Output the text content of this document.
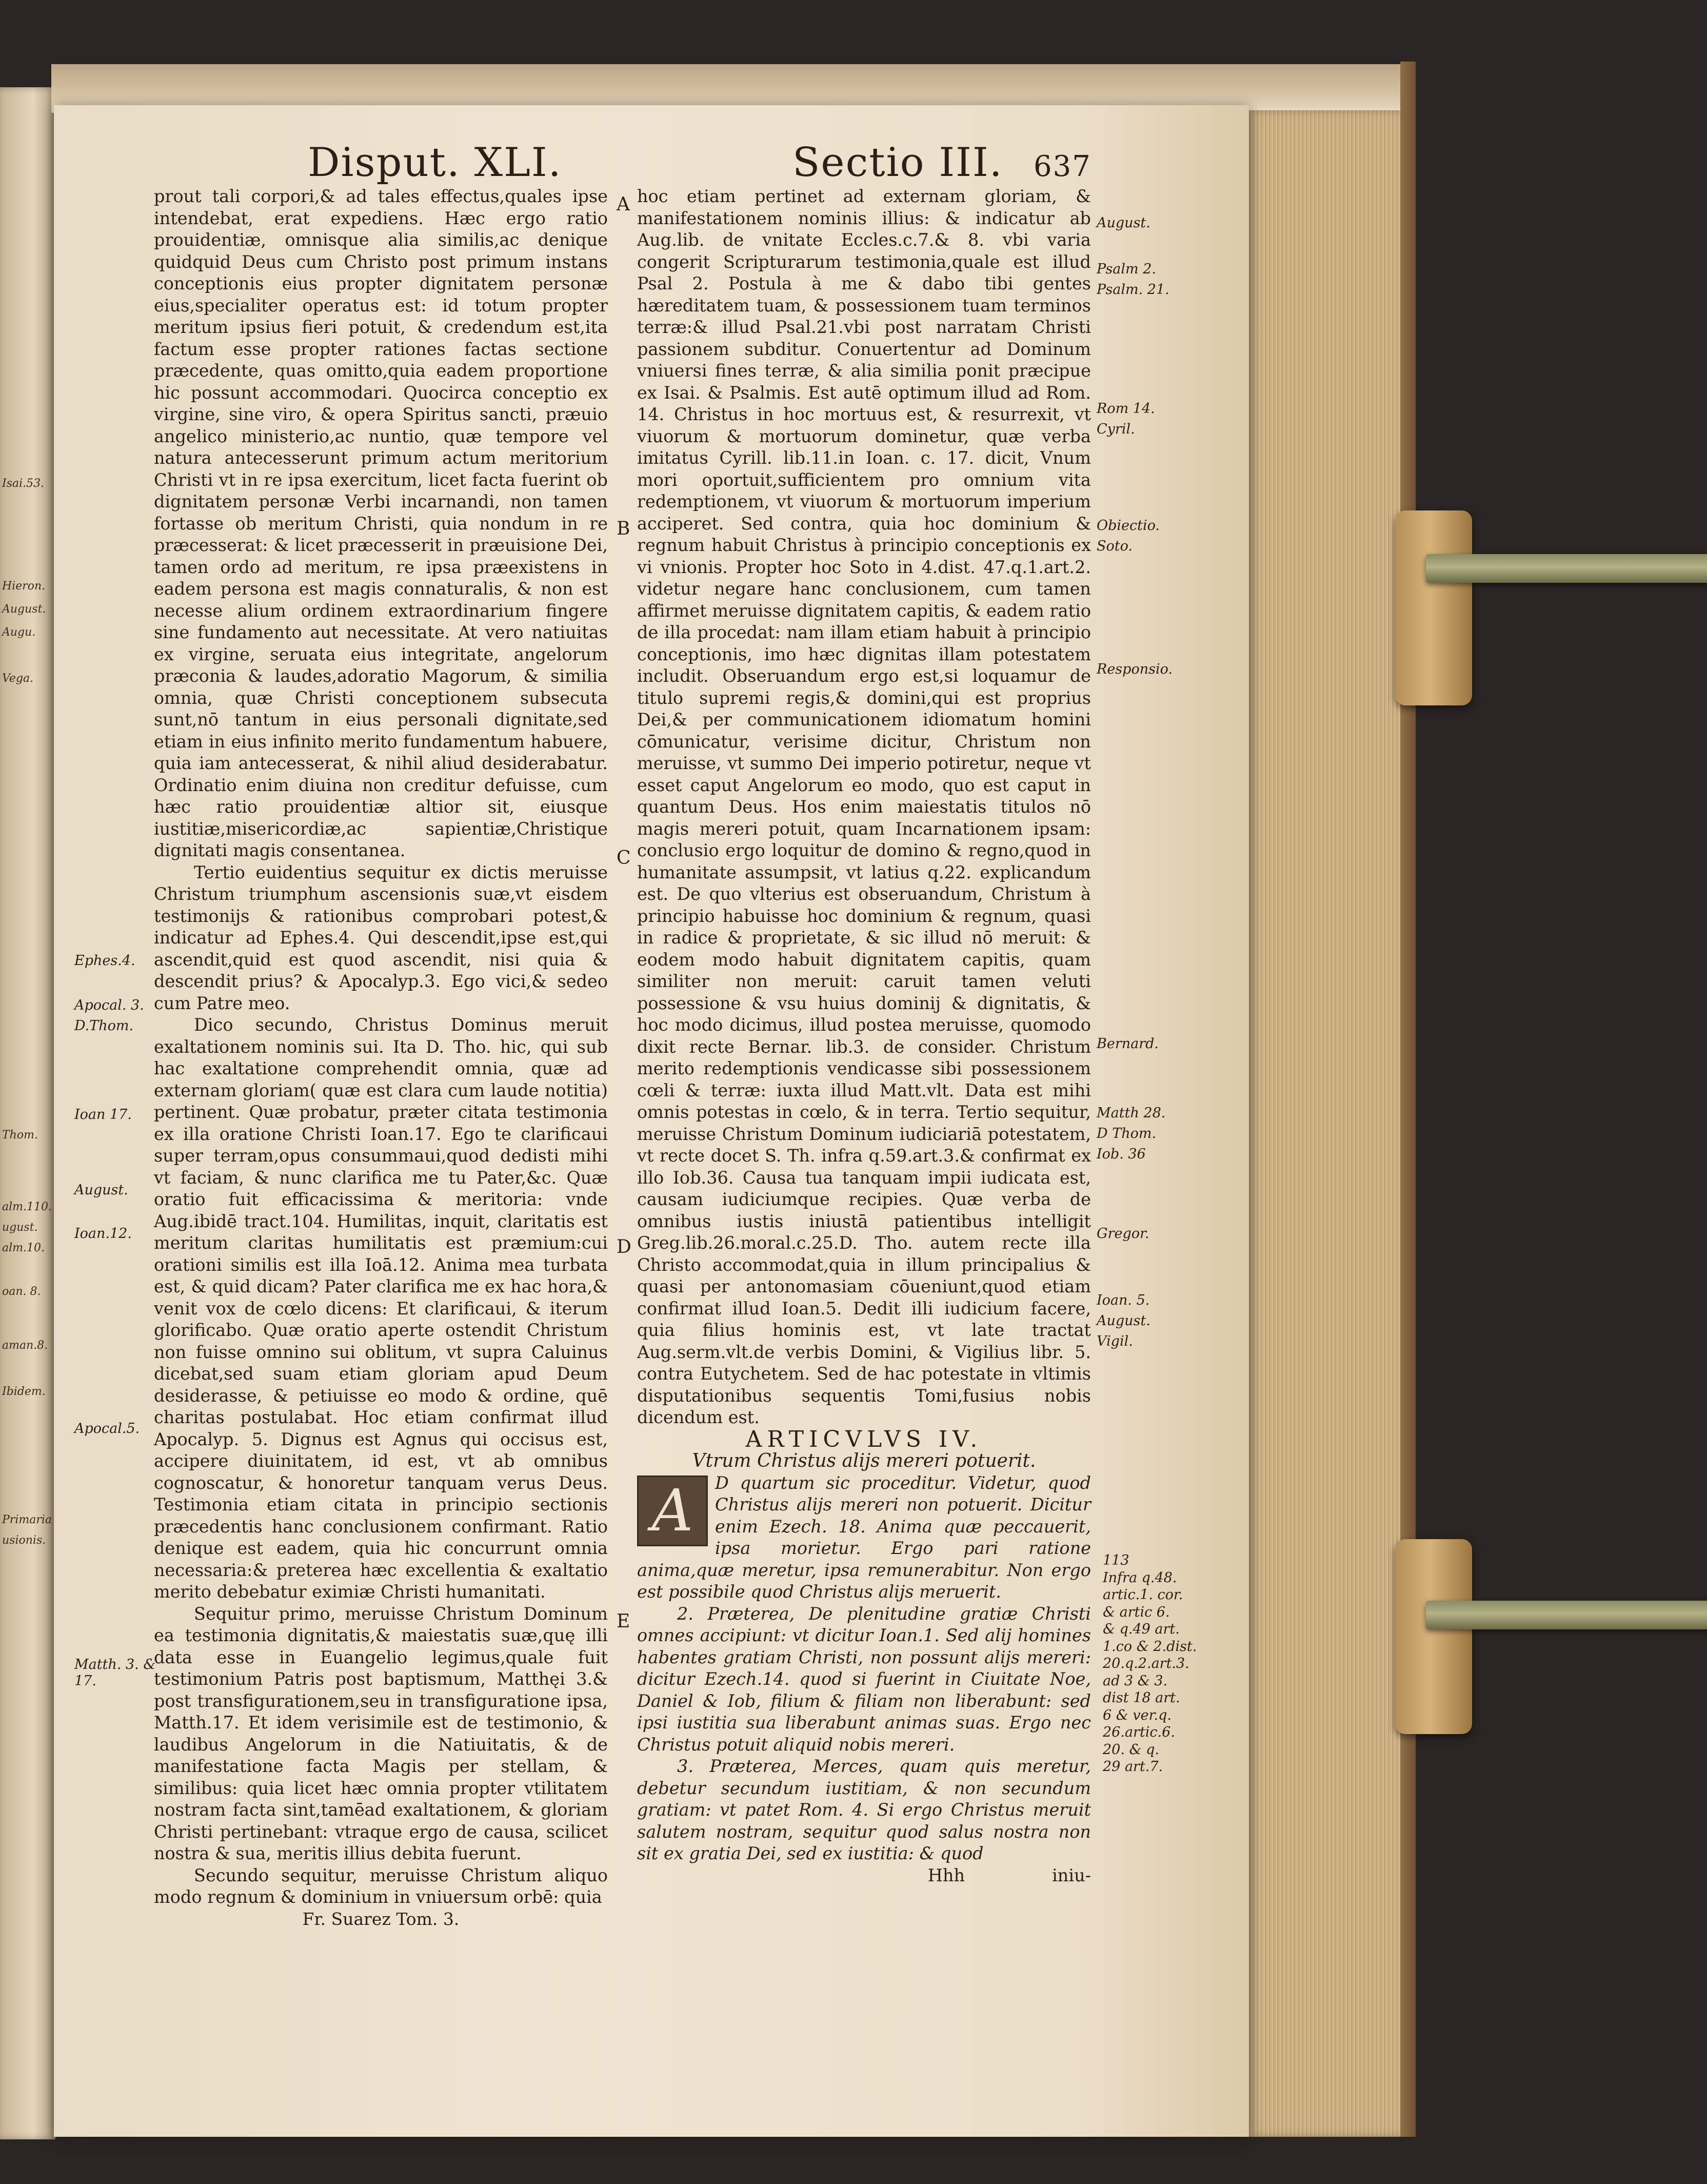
Isai.53.
Hieron.
August.
Augu.
Vega.
Thom.
alm.110.
ugust.
alm.10.
oan. 8.
aman.8.
Ibidem.
Primaria
usionis.
Disput. XLI.	Sectio III. 637

prout tali corpori,& ad tales effectus,quales ipse intendebat, erat expediens. Hæc ergo ratio prouidentiæ, omnisque alia similis,ac denique quidquid Deus cum Christo post primum instans conceptionis eius propter dignitatem personæ eius,specialiter operatus est: id totum propter meritum ipsius fieri potuit, & credendum est,ita factum esse propter rationes factas sectione præcedente, quas omitto,quia eadem proportione hic possunt accommodari. Quocirca conceptio ex virgine, sine viro, & opera Spiritus sancti, præuio angelico ministerio,ac nuntio, quæ tempore vel natura antecesserunt primum actum meritorium Christi vt in re ipsa exercitum, licet facta fuerint ob dignitatem personæ Verbi incarnandi, non tamen fortasse ob meritum Christi, quia nondum in re præcesserat: & licet præcesserit in præuisione Dei, tamen ordo ad meritum, re ipsa præexistens in eadem persona est magis connaturalis, & non est necesse alium ordinem extraordinarium fingere sine fundamento aut necessitate. At vero natiuitas ex virgine, seruata eius integritate, angelorum præconia & laudes,adoratio Magorum, & similia omnia, quæ Christi conceptionem subsecuta sunt,nō tantum in eius personali dignitate,sed etiam in eius infinito merito fundamentum habuere, quia iam antecesserat, & nihil aliud desiderabatur. Ordinatio enim diuina non creditur defuisse, cum hæc ratio prouidentiæ altior sit, eiusque iustitiæ,misericordiæ,ac sapientiæ,Christique dignitati magis consentanea.

Tertio euidentius sequitur ex dictis meruisse Christum triumphum ascensionis suæ,vt eisdem testimonijs & rationibus comprobari potest,& indicatur ad Ephes.4. Qui descendit,ipse est,qui ascendit,quid est quod ascendit, nisi quia & descendit prius? & Apocalyp.3. Ego vici,& sedeo cum Patre meo.

Dico secundo, Christus Dominus meruit exaltationem nominis sui. Ita D. Tho. hic, qui sub hac exaltatione comprehendit omnia, quæ ad externam gloriam( quæ est clara cum laude notitia) pertinent. Quæ probatur, præter citata testimonia ex illa oratione Christi Ioan.17. Ego te clarificaui super terram,opus consummaui,quod dedisti mihi vt faciam, & nunc clarifica me tu Pater,&c. Quæ oratio fuit efficacissima & meritoria: vnde Aug.ibidē tract.104. Humilitas, inquit, claritatis est meritum claritas humilitatis est præmium:cui orationi similis est illa Ioā.12. Anima mea turbata est, & quid dicam? Pater clarifica me ex hac hora,& venit vox de cœlo dicens: Et clarificaui, & iterum glorificabo. Quæ oratio aperte ostendit Christum non fuisse omnino sui oblitum, vt supra Caluinus dicebat,sed suam etiam gloriam apud Deum desiderasse, & petiuisse eo modo & ordine, quē charitas postulabat. Hoc etiam confirmat illud Apocalyp. 5. Dignus est Agnus qui occisus est, accipere diuinitatem, id est, vt ab omnibus cognoscatur, & honoretur tanquam verus Deus. Testimonia etiam citata in principio sectionis præcedentis hanc conclusionem confirmant. Ratio denique est eadem, quia hic concurrunt omnia necessaria:& preterea hæc excellentia & exaltatio merito debebatur eximiæ Christi humanitati.

Sequitur primo, meruisse Christum Dominum ea testimonia dignitatis,& maiestatis suæ,quę illi data esse in Euangelio legimus,quale fuit testimonium Patris post baptismum, Matthęi 3.& post transfigurationem,seu in transfiguratione ipsa, Matth.17. Et idem verisimile est de testimonio, & laudibus Angelorum in die Natiuitatis, & de manifestatione facta Magis per stellam, & similibus: quia licet hæc omnia propter vtilitatem nostram facta sint,tamēad exaltationem, & gloriam Christi pertinebant: vtraque ergo de causa, scilicet nostra & sua, meritis illius debita fuerunt.

Secundo sequitur, meruisse Christum aliquo modo regnum & dominium in vniuersum orbē: quia

Fr. Suarez Tom. 3.

hoc etiam pertinet ad externam gloriam, & manifestationem nominis illius: & indicatur ab Aug.lib. de vnitate Eccles.c.7.& 8. vbi varia congerit Scripturarum testimonia,quale est illud Psal 2. Postula à me & dabo tibi gentes hæreditatem tuam, & possessionem tuam terminos terræ:& illud Psal.21.vbi post narratam Christi passionem subditur. Conuertentur ad Dominum vniuersi fines terræ, & alia similia ponit præcipue ex Isai. & Psalmis. Est autē optimum illud ad Rom. 14. Christus in hoc mortuus est, & resurrexit, vt viuorum & mortuorum dominetur, quæ verba imitatus Cyrill. lib.11.in Ioan. c. 17. dicit, Vnum mori oportuit,sufficientem pro omnium vita redemptionem, vt viuorum & mortuorum imperium acciperet. Sed contra, quia hoc dominium & regnum habuit Christus à principio conceptionis ex vi vnionis. Propter hoc Soto in 4.dist. 47.q.1.art.2. videtur negare hanc conclusionem, cum tamen affirmet meruisse dignitatem capitis, & eadem ratio de illa procedat: nam illam etiam habuit à principio conceptionis, imo hæc dignitas illam potestatem includit. Obseruandum ergo est,si loquamur de titulo supremi regis,& domini,qui est proprius Dei,& per communicationem idiomatum homini cōmunicatur, verisime dicitur, Christum non meruisse, vt summo Dei imperio potiretur, neque vt esset caput Angelorum eo modo, quo est caput in quantum Deus. Hos enim maiestatis titulos nō magis mereri potuit, quam Incarnationem ipsam: conclusio ergo loquitur de domino & regno,quod in humanitate assumpsit, vt latius q.22. explicandum est. De quo vlterius est obseruandum, Christum à principio habuisse hoc dominium & regnum, quasi in radice & proprietate, & sic illud nō meruit: & eodem modo habuit dignitatem capitis, quam similiter non meruit: caruit tamen veluti possessione & vsu huius dominij & dignitatis, & hoc modo dicimus, illud postea meruisse, quomodo dixit recte Bernar. lib.3. de consider. Christum merito redemptionis vendicasse sibi possessionem cœli & terræ: iuxta illud Matt.vlt. Data est mihi omnis potestas in cœlo, & in terra. Tertio sequitur, meruisse Christum Dominum iudiciariā potestatem, vt recte docet S. Th. infra q.59.art.3.& confirmat ex illo Iob.36. Causa tua tanquam impii iudicata est, causam iudiciumque recipies. Quæ verba de omnibus iustis iniustā patientibus intelligit Greg.lib.26.moral.c.25.D. Tho. autem recte illa Christo accommodat,quia in illum principalius & quasi per antonomasiam cōueniunt,quod etiam confirmat illud Ioan.5. Dedit illi iudicium facere, quia filius hominis est, vt late tractat Aug.serm.vlt.de verbis Domini, & Vigilius libr. 5. contra Eutychetem. Sed de hac potestate in vltimis disputationibus sequentis Tomi,fusius nobis dicendum est.

ARTICVLVS IV.

Vtrum Christus alijs mereri potuerit.

A	D quartum sic proceditur. Videtur, quod Christus alijs mereri non potuerit. Dicitur enim Ezech. 18. Anima quæ peccauerit, ipsa morietur. Ergo pari ratione anima,quæ meretur, ipsa remunerabitur. Non ergo est possibile quod Christus alijs meruerit.

2. Præterea, De plenitudine gratiæ Christi omnes accipiunt: vt dicitur Ioan.1. Sed alij homines habentes gratiam Christi, non possunt alijs mereri: dicitur Ezech.14. quod si fuerint in Ciuitate Noe, Daniel & Iob, filium & filiam non liberabunt: sed ipsi iustitia sua liberabunt animas suas. Ergo nec Christus potuit aliquid nobis mereri.

3. Præterea, Merces, quam quis meretur, debetur secundum iustitiam, & non secundum gratiam: vt patet Rom. 4. Si ergo Christus meruit salutem nostram, sequitur quod salus nostra non sit ex gratia Dei, sed ex iustitia: & quod

Hhh	iniu-

A
B
C
D
E
Ephes.4.
Apocal. 3.
D.Thom.
Ioan 17.
August.
Ioan.12.
Apocal.5.
Matth. 3. &
17.
August.
Psalm 2.
Psalm. 21.
Rom 14.
Cyril.
Obiectio.
Soto.
Responsio.
Bernard.
Matth 28.
D Thom.
Iob. 36
Gregor.
Ioan. 5.
August.
Vigil.
113
Infra q.48.
artic.1. cor.
& artic 6.
& q.49 art.
1.co & 2.dist.
20.q.2.art.3.
ad 3 & 3.
dist 18 art.
6 & ver.q.
26.artic.6.
20. & q.
29 art.7.
